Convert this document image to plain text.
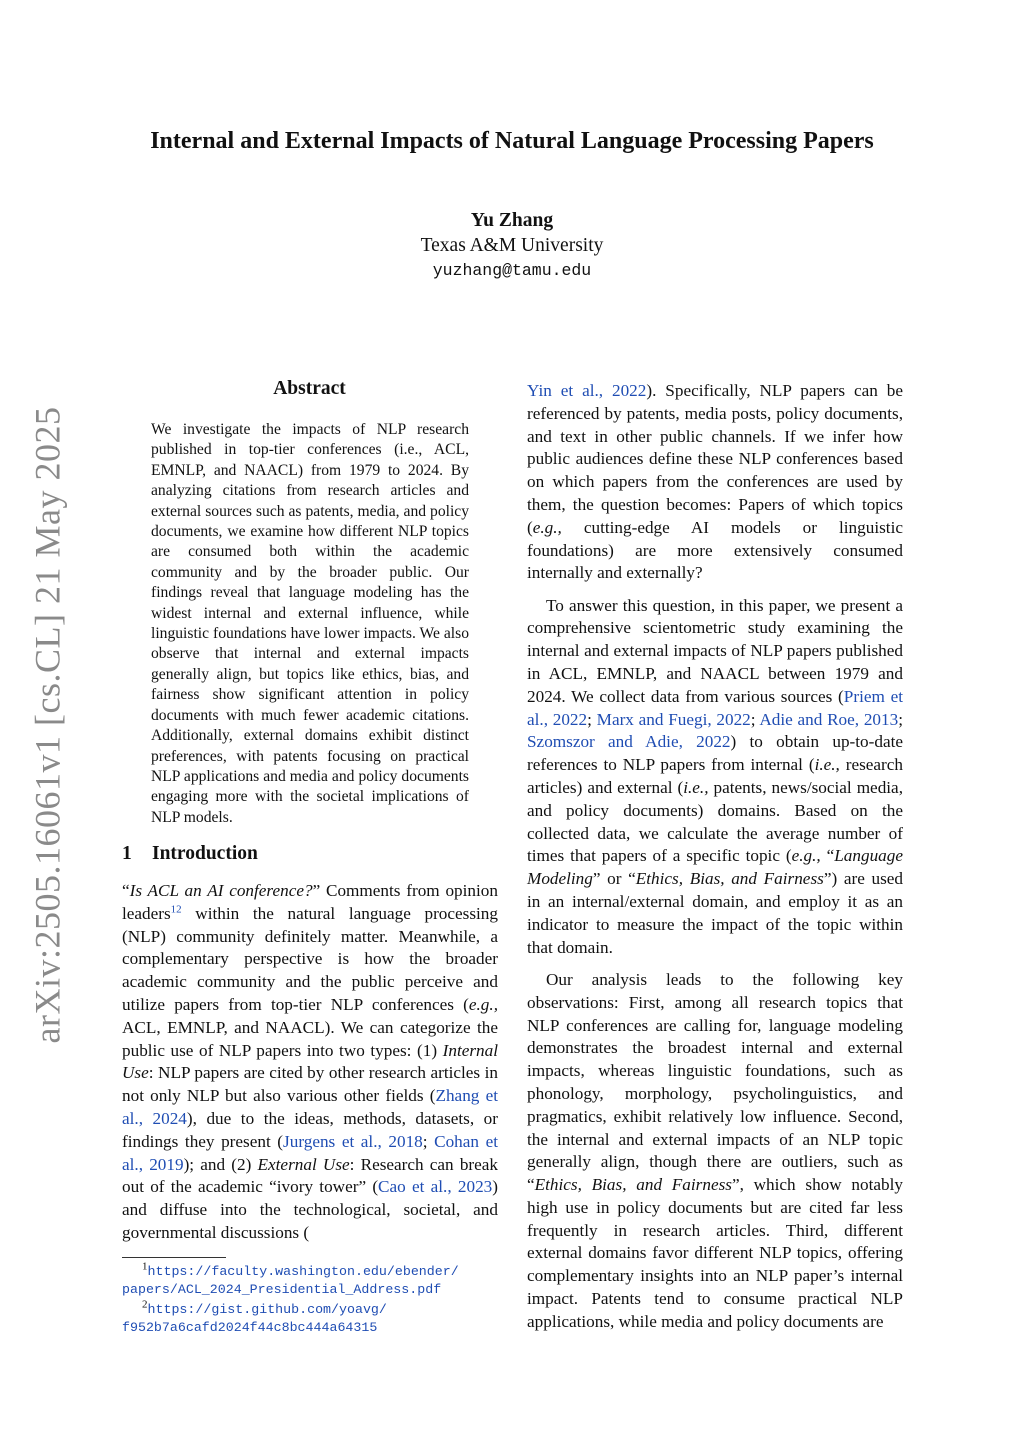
arXiv:2505.16061v1 [cs.CL] 21 May 2025
Internal and External Impacts of Natural Language Processing Papers
Yu Zhang
Texas A&M University
yuzhang@tamu.edu
Abstract
We investigate the impacts of NLP research published in top-tier conferences (i.e., ACL, EMNLP, and NAACL) from 1979 to 2024. By analyzing citations from research articles and external sources such as patents, media, and policy documents, we examine how different NLP topics are consumed both within the academic community and by the broader public. Our findings reveal that language modeling has the widest internal and external influence, while linguistic foundations have lower impacts. We also observe that internal and external impacts generally align, but topics like ethics, bias, and fairness show significant attention in policy documents with much fewer academic citations. Additionally, external domains exhibit distinct preferences, with patents focusing on practical NLP applications and media and policy documents engaging more with the societal implications of NLP models.
1 Introduction

“Is ACL an AI conference?” Comments from opinion leaders$^{12}$ within the natural language processing (NLP) community definitely matter. Meanwhile, a complementary perspective is how the broader academic community and the public perceive and utilize papers from top-tier NLP conferences (e.g., ACL, EMNLP, and NAACL). We can categorize the public use of NLP papers into two types: (1) Internal Use: NLP papers are cited by other research articles in not only NLP but also various other fields (Zhang et al., 2024), due to the ideas, methods, datasets, or findings they present (Jurgens et al., 2018; Cohan et al., 2019); and (2) External Use: Research can break out of the academic “ivory tower” (Cao et al., 2023) and diffuse into the technological, societal, and governmental discussions (

Yin et al., 2022). Specifically, NLP papers can be referenced by patents, media posts, policy documents, and text in other public channels. If we infer how public audiences define these NLP conferences based on which papers from the conferences are used by them, the question becomes: Papers of which topics (e.g., cutting-edge AI models or linguistic foundations) are more extensively consumed internally and externally?

To answer this question, in this paper, we present a comprehensive scientometric study examining the internal and external impacts of NLP papers published in ACL, EMNLP, and NAACL between 1979 and 2024. We collect data from various sources (Priem et al., 2022; Marx and Fuegi, 2022; Adie and Roe, 2013; Szomszor and Adie, 2022) to obtain up-to-date references to NLP papers from internal (i.e., research articles) and external (i.e., patents, news/social media, and policy documents) domains. Based on the collected data, we calculate the average number of times that papers of a specific topic (e.g., “Language Modeling” or “Ethics, Bias, and Fairness”) are used in an internal/external domain, and employ it as an indicator to measure the impact of the topic within that domain.

Our analysis leads to the following key observations: First, among all research topics that NLP conferences are calling for, language modeling demonstrates the broadest internal and external impacts, whereas linguistic foundations, such as phonology, morphology, psycholinguistics, and pragmatics, exhibit relatively low influence. Second, the internal and external impacts of an NLP topic generally align, though there are outliers, such as “Ethics, Bias, and Fairness”, which show notably high use in policy documents but are cited far less frequently in research articles. Third, different external domains favor different NLP topics, offering complementary insights into an NLP paper’s internal impact. Patents tend to consume practical NLP applications, while media and policy documents are

$^1$https://faculty.washington.edu/ebender/
papers/ACL_2024_Presidential_Address.pdf
$^2$https://gist.github.com/yoavg/
f952b7a6cafd2024f44c8bc444a64315
